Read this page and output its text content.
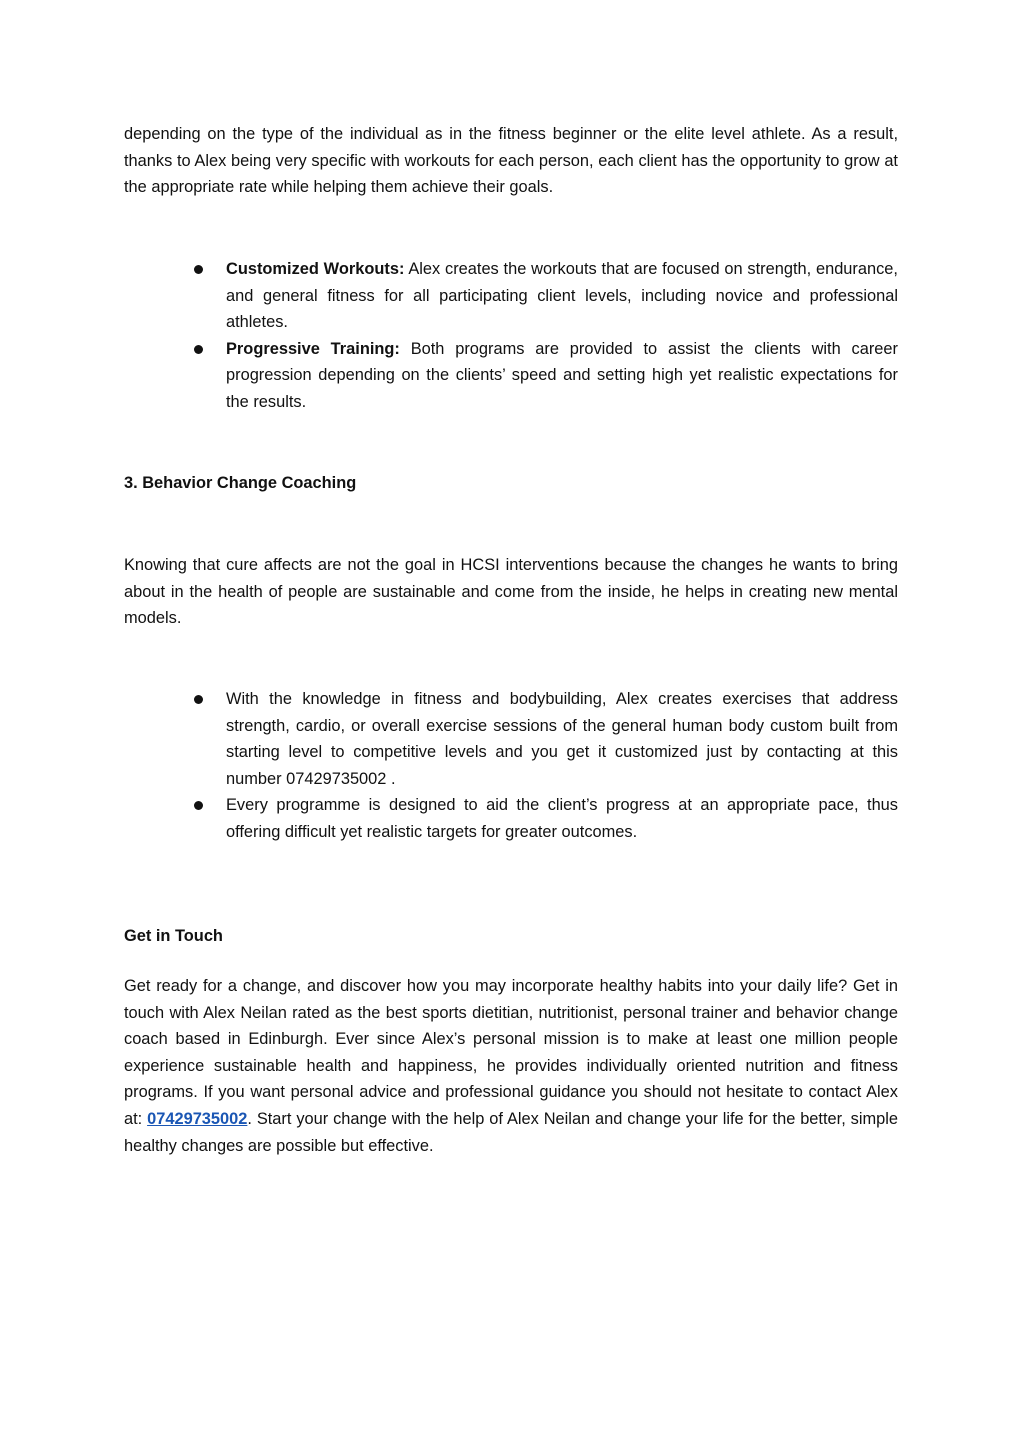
depending on the type of the individual as in the fitness beginner or the elite level athlete. As a result, thanks to Alex being very specific with workouts for each person, each client has the opportunity to grow at the appropriate rate while helping them achieve their goals.

Customized Workouts: Alex creates the workouts that are focused on strength, endurance, and general fitness for all participating client levels, including novice and professional athletes.
Progressive Training: Both programs are provided to assist the clients with career progression depending on the clients’ speed and setting high yet realistic expectations for the results.
3. Behavior Change Coaching

Knowing that cure affects are not the goal in HCSI interventions because the changes he wants to bring about in the health of people are sustainable and come from the inside, he helps in creating new mental models.

With the knowledge in fitness and bodybuilding, Alex creates exercises that address strength, cardio, or overall exercise sessions of the general human body custom built from starting level to competitive levels and you get it customized just by contacting at this number 07429735002 .
Every programme is designed to aid the client’s progress at an appropriate pace, thus offering difficult yet realistic targets for greater outcomes.
Get in Touch

Get ready for a change, and discover how you may incorporate healthy habits into your daily life? Get in touch with Alex Neilan rated as the best sports dietitian, nutritionist, personal trainer and behavior change coach based in Edinburgh. Ever since Alex’s personal mission is to make at least one million people experience sustainable health and happiness, he provides individually oriented nutrition and fitness programs. If you want personal advice and professional guidance you should not hesitate to contact Alex at: 07429735002. Start your change with the help of Alex Neilan and change your life for the better, simple healthy changes are possible but effective.
